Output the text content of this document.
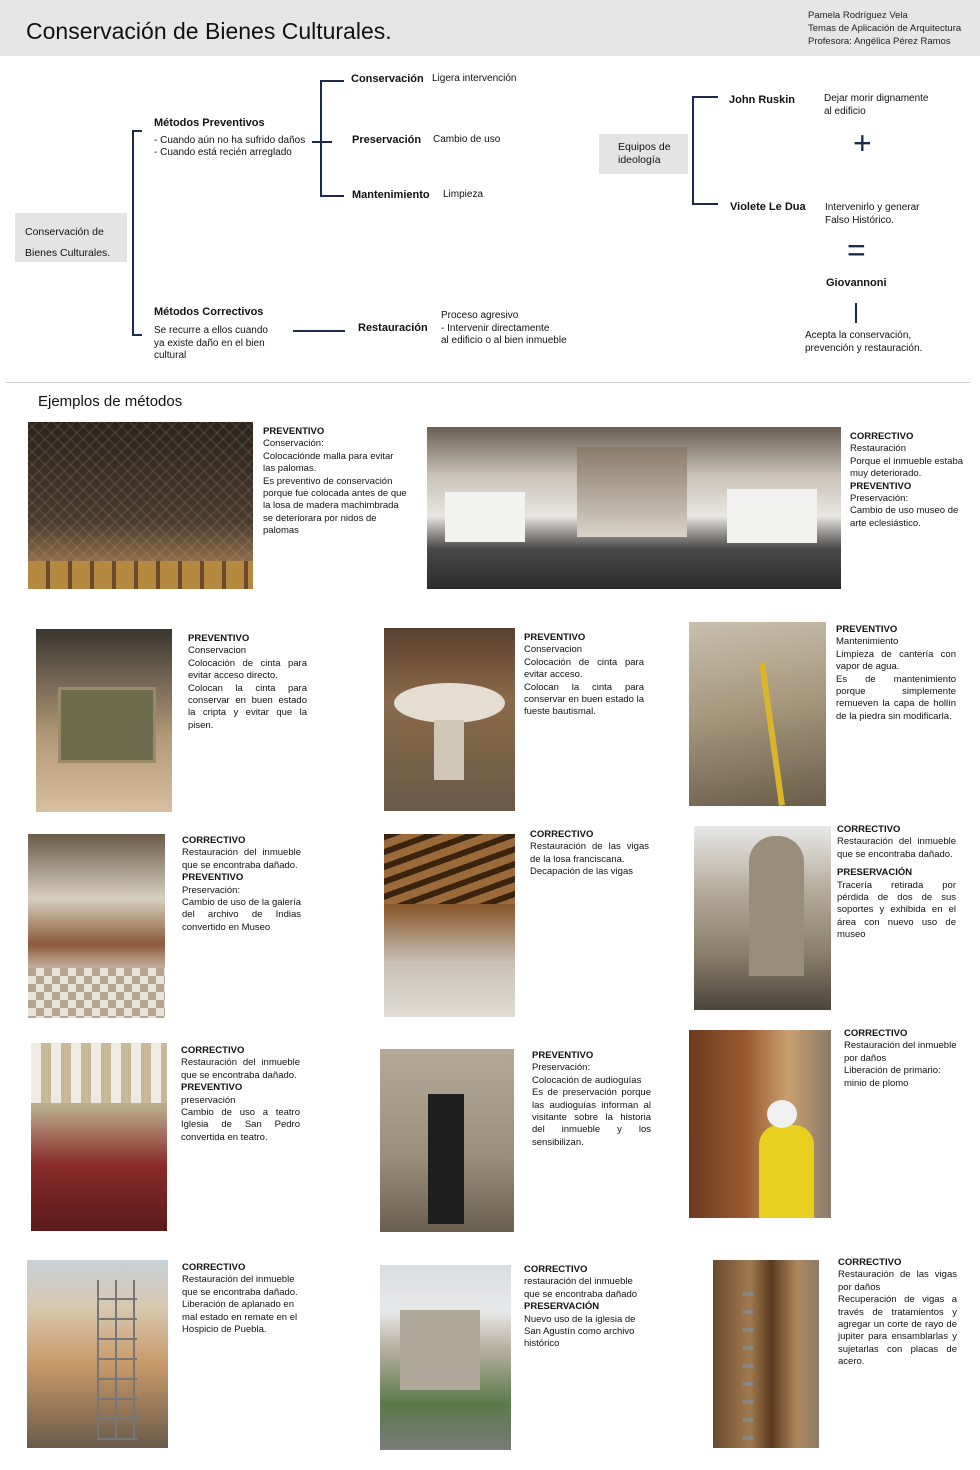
Conservación de Bienes Culturales.
Pamela Rodríguez Vela
Temas de Aplicación de Arquitectura
Profesora: Angélica Pérez Ramos
Conservación de
Bienes Culturales.
Métodos Preventivos
- Cuando aún no ha sufrido daños
- Cuando está recién arreglado
Conservación Ligera intervención
Preservación Cambio de uso
Mantenimiento Limpieza
Métodos Correctivos
Se recurre a ellos cuando
ya existe daño en el bien
cultural
Restauración
Proceso agresivo
- Intervenir directamente
al edificio o al bien inmueble
Equipos de
ideología
John Ruskin	Dejar morir dignamente
al edificio
+
Violete Le Dua Intervenirlo y generar
Falso Histórico.
=
Giovannoni
Acepta la conservación,
prevención y restauración.
Ejemplos de métodos
PREVENTIVO
Conservación:
Colocaciónde malla para evitar las palomas.
Es preventivo de conservación porque fue colocada antes de que la losa de madera machimbrada se deteriorara por nidos de palomas
CORRECTIVO
Restauración
Porque el inmueble estaba muy deteriorado.
PREVENTIVO
Preservación:
Cambio de uso museo de arte eclesiástico.
PREVENTIVO
Conservacion
Colocación de cinta para evitar acceso directo.
Colocan la cinta para conservar en buen estado la cripta y evitar que la pisen.
PREVENTIVO
Conservacion
Colocación de cinta para evitar acceso.
Colocan la cinta para conservar en buen estado la fueste bautismal.
PREVENTIVO
Mantenimiento
Limpieza de cantería con vapor de agua.
Es de mantenimiento porque simplemente remueven la capa de hollín de la piedra sin modificarla.
CORRECTIVO
Restauración del inmueble que se encontraba dañado.
PREVENTIVO
Preservación:
Cambio de uso de la galería del archivo de Indias convertido en Museo
CORRECTIVO
Restauración de las vigas de la losa franciscana.
Decapación de las vigas
CORRECTIVO
Restauración del inmueble que se encontraba dañado.
PRESERVACIÓN
Tracería retirada por pérdida de dos de sus soportes y exhibida en el área con nuevo uso de museo
CORRECTIVO
Restauración del inmueble que se encontraba dañado.
PREVENTIVO
preservación
Cambio de uso a teatro Iglesia de San Pedro convertida en teatro.
PREVENTIVO
Preservación:
Colocación de audioguías
Es de preservación porque las audioguías informan al visitante sobre la historia del inmueble y los sensibilizan.
CORRECTIVO
Restauración del inmueble por daños
Liberación de primario: minio de plomo
CORRECTIVO
Restauración del inmueble que se encontraba dañado.
Liberación de aplanado en mal estado en remate en el Hospicio de Puebla.
CORRECTIVO
restauración del inmueble que se encontraba dañado
PRESERVACIÓN
Nuevo uso de la iglesia de San Agustín como archivo histórico
CORRECTIVO
Restauración de las vigas por daños
Recuperación de vigas a través de tratamientos y agregar un corte de rayo de jupiter para ensamblarlas y sujetarlas con placas de acero.
